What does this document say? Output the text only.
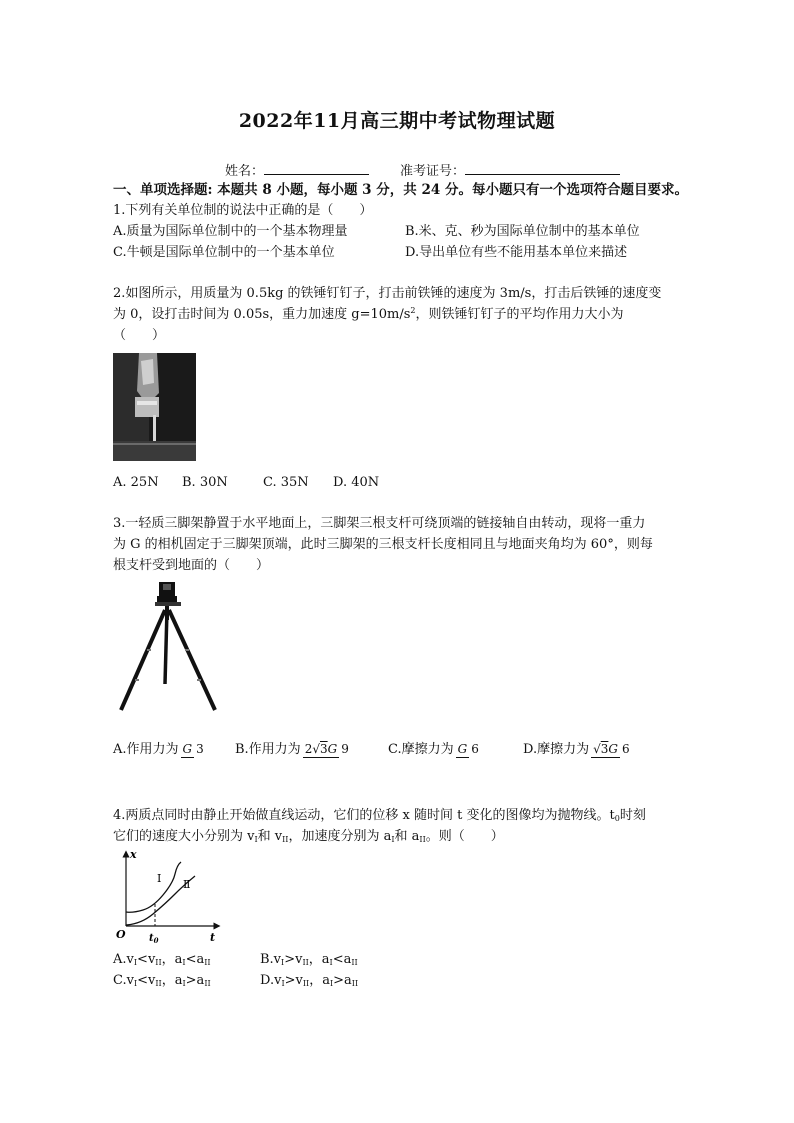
2022年11月高三期中考试物理试题
姓名：	准考证号：
一、单项选择题: 本题共 8 小题，每小题 3 分，共 24 分。每小题只有一个选项符合题目要求。
1.下列有关单位制的说法中正确的是（　　）
A.质量为国际单位制中的一个基本物理量	B.米、克、秒为国际单位制中的基本单位
C.牛顿是国际单位制中的一个基本单位	D.导出单位有些不能用基本单位来描述
2.如图所示，用质量为 0.5kg 的铁锤钉钉子，打击前铁锤的速度为 3m/s，打击后铁锤的速度变
为 0，设打击时间为 0.05s，重力加速度 $g=10m/s^2$，则铁锤钉钉子的平均作用力大小为
（　　）
A. 25N B. 30N	C. 35N D. 40N
3.一轻质三脚架静置于水平地面上，三脚架三根支杆可绕顶端的链接轴自由转动，现将一重力
为 G 的相机固定于三脚架顶端，此时三脚架的三根支杆长度相同且与地面夹角均为 60°，则每
根支杆受到地面的（　　）
A.作用力为 G 3 B.作用力为 2√3G 9	C.摩擦力为 G 6	D.摩擦力为 √3G 6
4.两质点同时由静止开始做直线运动，它们的位移 x 随时间 t 变化的图像均为抛物线。$t_0$时刻
它们的速度大小分别为 $v_I$和 $v_{II}$，加速度分别为 $a_I$和 $a_{II}$。则（　　）
x
t
O $t_0$
I Ⅱ
$A.v_I<v_{II}$，$a_I<a_{II}$	$B.v_I>v_{II}$，$a_I<a_{II}$
$C.v_I<v_{II}$，$a_I>a_{II}$	$D.v_I>v_{II}$，$a_I>a_{II}$
